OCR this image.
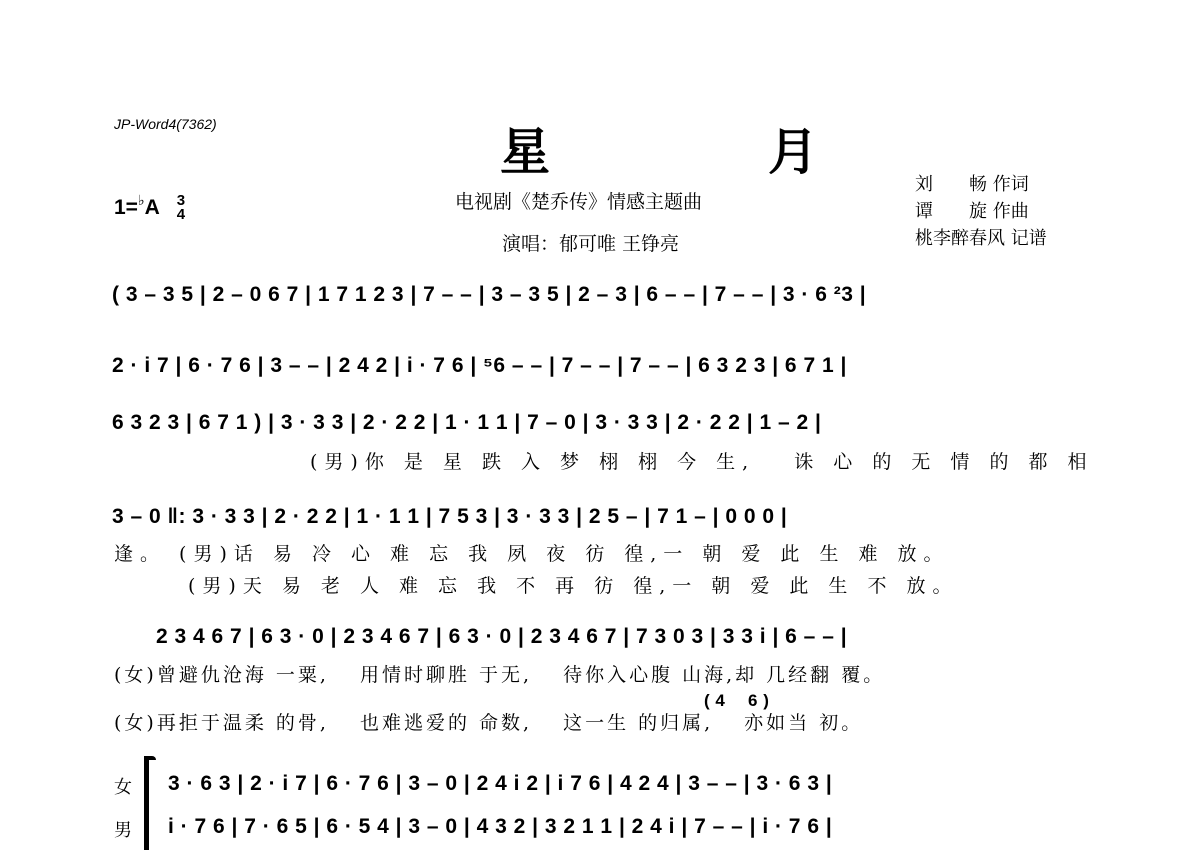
JP-Word4(7362)	星　月
电视剧《楚乔传》情感主题曲
演唱：郁可唯 王铮亮
刘　　畅 作词
谭　　旋 作曲
桃李醉春风 记谱
1=♭A 3
4
( 3 – 3 5 | 2 – 0 6 7 | 1 7 1 2 3 | 7 – – | 3 – 3 5 | 2 – 3 | 6 – – | 7 – – | 3 · 6 ²3 |
2 · i 7 | 6 · 7 6 | 3 – – | 2 4 2 | i · 7 6 | ⁵6 – – | 7 – – | 7 – – | 6 3 2 3 | 6 7 1 |
6 3 2 3 | 6 7 1 ) | 3 · 3 3 | 2 · 2 2 | 1 · 1 1 | 7 – 0 | 3 · 3 3 | 2 · 2 2 | 1 – 2 |
(男)你 是 星 跌 入 梦 栩 栩 今 生,　 诛 心 的 无 情 的 都 相
3 – 0 ‖: 3 · 3 3 | 2 · 2 2 | 1 · 1 1 | 7 5 3 | 3 · 3 3 | 2 5 – | 7 1 – | 0 0 0 |
逢。 (男)话 易 冷 心 难 忘 我 夙 夜 彷 徨,一 朝 爱 此 生 难 放。
(男)天 易 老 人 难 忘 我 不 再 彷 徨,一 朝 爱 此 生 不 放。
2 3 4 6 7 | 6 3 · 0 | 2 3 4 6 7 | 6 3 · 0 | 2 3 4 6 7 | 7 3 0 3 | 3 3 i | 6 – – |
(女)曾避仇沧海 一粟,　 用情时聊胜 于无,　 待你入心腹 山海,却 几经翻 覆。
( 4　 6 )
(女)再拒于温柔 的骨,　 也难逃爱的 命数,　 这一生 的归属,　 亦如当 初。
女
男
3 · 6 3 | 2 · i 7 | 6 · 7 6 | 3 – 0 | 2 4 i 2 | i 7 6 | 4 2 4 | 3 – – | 3 · 6 3 |
i · 7 6 | 7 · 6 5 | 6 · 5 4 | 3 – 0 | 4 3 2 | 3 2 1 1 | 2 4 i | 7 – – | i · 7 6 |
